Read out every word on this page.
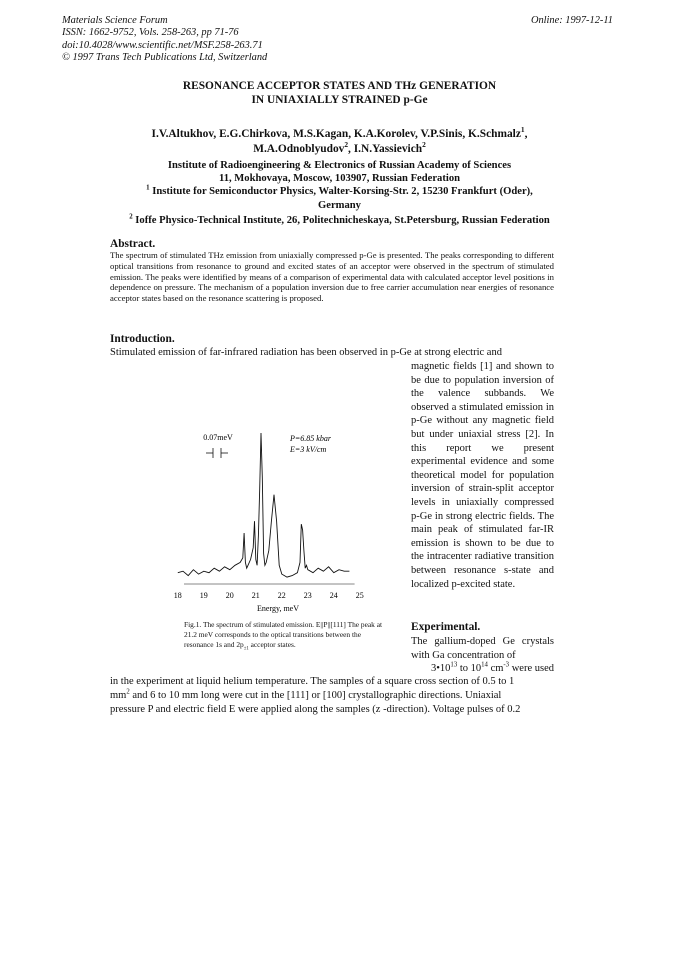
Materials Science Forum
ISSN: 1662-9752, Vols. 258-263, pp 71-76
doi:10.4028/www.scientific.net/MSF.258-263.71
© 1997 Trans Tech Publications Ltd, Switzerland
Online: 1997-12-11
RESONANCE ACCEPTOR STATES AND THz GENERATION
IN UNIAXIALLY STRAINED p-Ge
I.V.Altukhov, E.G.Chirkova, M.S.Kagan, K.A.Korolev, V.P.Sinis, K.Schmalz$^1$,
M.A.Odnoblyudov$^2$, I.N.Yassievich$^2$
Institute of Radioengineering & Electronics of Russian Academy of Sciences
11, Mokhovaya, Moscow, 103907, Russian Federation
$^1$ Institute for Semiconductor Physics, Walter-Korsing-Str. 2, 15230 Frankfurt (Oder),
Germany
$^2$ Ioffe Physico-Technical Institute, 26, Politechnicheskaya, St.Petersburg, Russian Federation
Abstract.
The spectrum of stimulated THz emission from uniaxially compressed p-Ge is presented. The peaks corresponding to different optical transitions from resonance to ground and excited states of an acceptor were observed in the spectrum of stimulated emission. The peaks were identified by means of a comparison of experimental data with calculated acceptor level positions in dependence on pressure. The mechanism of a population inversion due to free carrier accumulation near energies of resonance acceptor states based on the resonance scattering is proposed.
Introduction.
Stimulated emission of far-infrared radiation has been observed in p-Ge at strong electric and
magnetic fields [1] and shown to be due to population inversion of the valence subbands. We observed a stimulated emission in p-Ge without any magnetic field but under uniaxial stress [2]. In this report we present experimental evidence and some theoretical model for population inversion of strain-split acceptor levels in uniaxially compressed p-Ge in strong electric fields. The main peak of stimulated far-IR emission is shown to be due to the intracenter radiative transition between resonance s-state and localized p-excited state.
18 19 20 21 22 23 24 25
Energy, meV
0.07meV	P=6.85 kbar
E=3 kV/cm
Fig.1. The spectrum of stimulated emission. E||P||[111] The peak at 21.2 meV corresponds to the optical transitions between the resonance 1s and $2p_{\pm 1}$ acceptor states.
Experimental.
The gallium-doped Ge crystals with Ga concentration of
$3•10^{13}$ to $10^{14}$ $cm^{-3}$ were used
in the experiment at liquid helium temperature. The samples of a square cross section of 0.5 to 1
$mm^2$ and 6 to 10 mm long were cut in the [111] or [100] crystallographic directions. Uniaxial
pressure P and electric field E were applied along the samples (z -direction). Voltage pulses of 0.2
